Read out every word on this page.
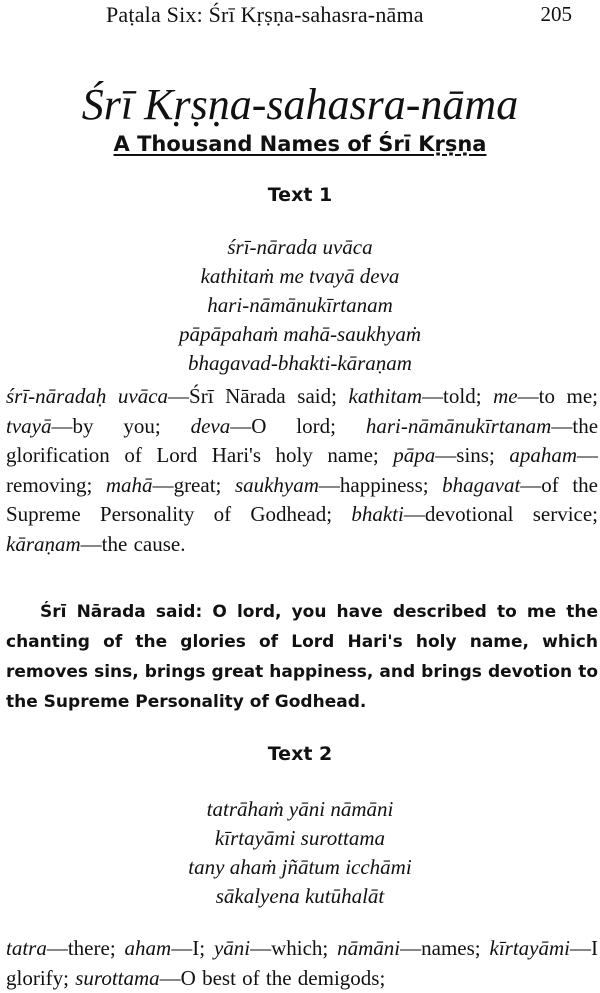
Paṭala Six: Śrī Kṛṣṇa-sahasra-nāma	205
Śrī Kṛṣṇa-sahasra-nāma
A Thousand Names of Śrī Kṛṣṇa
Text 1
śrī-nārada uvāca
kathitaṁ me tvayā deva
hari-nāmānukīrtanam
pāpāpahaṁ mahā-saukhyaṁ
bhagavad-bhakti-kāraṇam
śrī-nāradaḥ uvāca—Śrī Nārada said; kathitam—told; me—to me; tvayā—by you; deva—O lord; hari-nāmānukīrtanam—the glorification of Lord Hari's holy name; pāpa—sins; apaham—removing; mahā—great; saukhyam—happiness; bhagavat—of the Supreme Personality of Godhead; bhakti—devotional service; kāraṇam—the cause.
Śrī Nārada said: O lord, you have described to me the chanting of the glories of Lord Hari's holy name, which removes sins, brings great happiness, and brings devotion to the Supreme Personality of Godhead.
Text 2
tatrāhaṁ yāni nāmāni
kīrtayāmi surottama
tany ahaṁ jñātum icchāmi
sākalyena kutūhalāt
tatra—there; aham—I; yāni—which; nāmāni—names; kīrtayāmi—I glorify; surottama—O best of the demigods;
